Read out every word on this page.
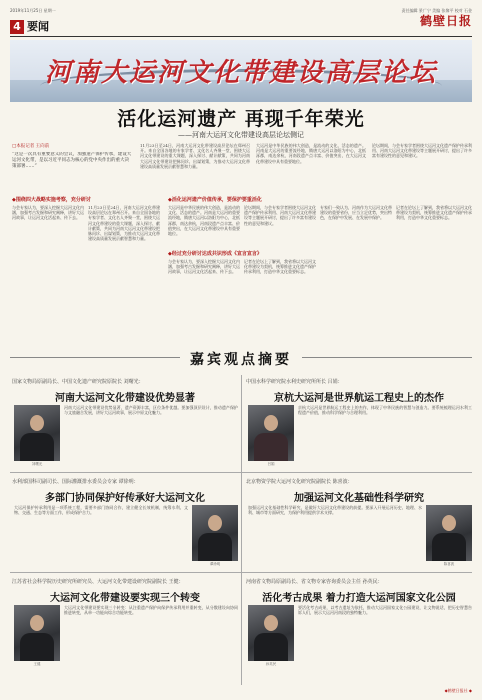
2019年11月25日 星期一	责任编辑 景广宁 美编 张黎平 校对 石金
鹤壁日报
4 要闻
河南大运河文化带建设高层论坛
活化运河遗产 再现千年荣光
——河南大运河文化带建设高层论坛侧记
□本报记者 王向前
“这是一次具有重要意义的会议，加强遗产保护传承，建设大运河文化带，是以习近平同志为核心的党中央作出的重大决策部署……”
11月23日至24日，河南大运河文化带建设高层论坛在郑州召开。来自全国各地的专家学者、文化名人齐聚一堂，围绕大运河文化带建设的重大课题，深入探讨、献计献策，共同为河南大运河文化带建设把脉问诊、出谋划策，为推动大运河文化带建设高质量发展贡献智慧和力量。
大运河是中华民族的伟大创造，是流动的文化、活态的遗产。河南是大运河的重要流经地，隋唐大运河以洛阳为中心，北抵涿郡，南达余杭，河南段遗产点丰富、价值突出，在大运河文化带建设中具有重要地位。
论坛期间，与会专家学者围绕大运河文化遗产保护传承利用、河南大运河文化带建设等主题展开研讨，提出了许多富有建设性的意见和建议。
◆围绕四大战略实施考察，充分研讨	◆活化运河遗产价值传承，要保护要重活化
与会专家认为，要深入挖掘大运河文化内涵，加强考古发掘和研究阐释，讲好大运河故事，让运河文化活起来、传下去。
11月23日至24日，河南大运河文化带建设高层论坛在郑州召开。来自全国各地的专家学者、文化名人齐聚一堂，围绕大运河文化带建设的重大课题，深入探讨、献计献策，共同为河南大运河文化带建设把脉问诊、出谋划策，为推动大运河文化带建设高质量发展贡献智慧和力量。
大运河是中华民族的伟大创造，是流动的文化、活态的遗产。河南是大运河的重要流经地，隋唐大运河以洛阳为中心，北抵涿郡，南达余杭，河南段遗产点丰富、价值突出，在大运河文化带建设中具有重要地位。
论坛期间，与会专家学者围绕大运河文化遗产保护传承利用、河南大运河文化带建设等主题展开研讨，提出了许多富有建设性的意见和建议。
◆经过充分研讨达成共识形成《宣言宣言》
与会专家认为，要深入挖掘大运河文化内涵，加强考古发掘和研究阐释，讲好大运河故事，让运河文化活起来、传下去。
记者在论坛上了解到，我省将以大运河文化带建设为契机，统筹推进文化遗产保护传承利用，打造中华文化重要标志。
专家们一致认为，河南作为大运河文化带建设的重要省份，应当立足优势，突出特色，在保护中发展、在发展中保护。
记者在论坛上了解到，我省将以大运河文化带建设为契机，统筹推进文化遗产保护传承利用，打造中华文化重要标志。
嘉宾观点摘要
国家文物局原副局长、中国文化遗产研究院原院长 刘曙光：
河南大运河文化带建设优势显著
刘曙光
河南大运河文化带建设优势显著，遗产资源丰富，区位条件优越。要加强顶层设计，推动遗产保护与文旅融合发展，讲好大运河故事，展示中原文化魅力。
中国水科学研究院水利史研究所所长 吕娟：
京杭大运河是世界航运工程史上的杰作
吕娟
京杭大运河是世界航运工程史上的杰作，体现了中华民族的智慧与创造力。要系统梳理运河水利工程遗产价值，推动科学保护与合理利用。
水利部国科司副司长、国际灌溉排水委员会专家 谭徐明：
多部门协同保护好传承好大运河文化
大运河保护传承利用是一项系统工程，需要多部门协同合作，建立健全长效机制，统筹水利、文物、交通、生态等方面工作，形成保护合力。
谭徐明
北京物资学院大运河文化研究院副院长 陈喜波：
加强运河文化基础性科学研究
加强运河文化基础性科学研究，是做好大运河文化带建设的前提。要深入开展运河历史、地理、水利、城市等方面研究，为保护利用提供学术支撑。
陈喜波
江苏省社会科学院历史研究所研究员、大运河文化带建设研究院副院长 王健：
大运河文化带建设要实现三个转变
王健
大运河文化带建设要实现三个转变：从注重遗产保护向保护传承利用并重转变，从分散建设向协同推进转变，从单一功能向综合功能转变。
河南省文物局原副局长、省文物专家咨询委员会主任 孙英民：
活化考古成果 着力打造大运河国家文化公园
孙英民
要活化考古成果，以考古遗址为依托，推动大运河国家文化公园建设，让文物说话，把历史智慧告诉人们，展示大运河河南段的独特魅力。
◆鹤壁日报社 ◆
